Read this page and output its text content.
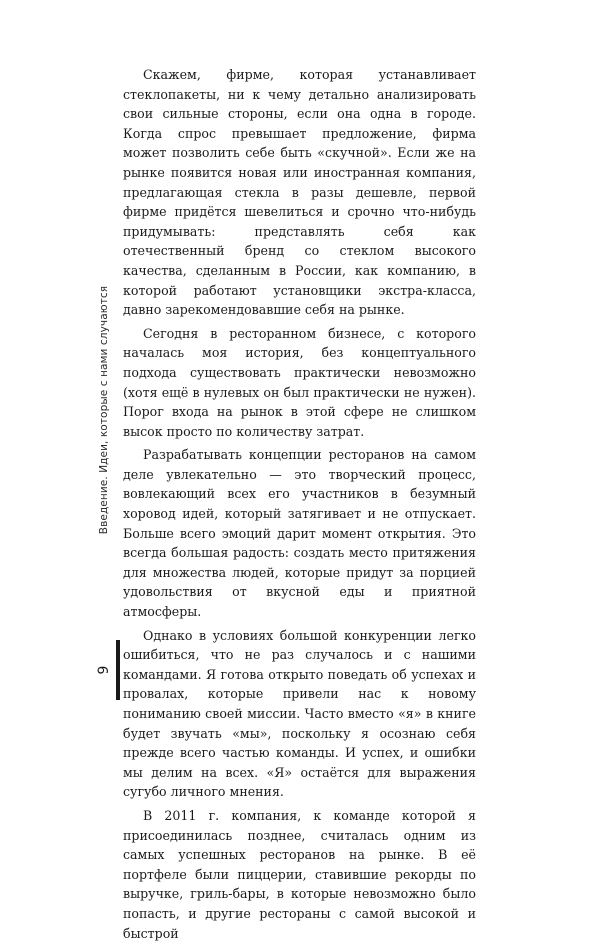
Введение. Идеи, которые с нами случаются
9

Скажем, фирме, которая устанавливает стеклопакеты, ни к чему детально анализировать свои сильные стороны, если она одна в городе. Когда спрос превышает предложение, фирма может позволить себе быть «скучной». Если же на рынке появится новая или иностранная компания, предлагающая стекла в разы дешевле, первой фирме придётся шевелиться и срочно что-нибудь придумывать: представлять себя как отечественный бренд со стеклом высокого качества, сделанным в России, как компанию, в которой работают установщики экстра-класса, давно зарекомендовавшие себя на рынке.

Сегодня в ресторанном бизнесе, с которого началась моя история, без концептуального подхода существовать практически невозможно (хотя ещё в нулевых он был практически не нужен). Порог входа на рынок в этой сфере не слишком высок просто по количеству затрат.

Разрабатывать концепции ресторанов на самом деле увлекательно — это творческий процесс, вовлекающий всех его участников в безумный хоровод идей, который затягивает и не отпускает. Больше всего эмоций дарит момент открытия. Это всегда большая радость: создать место притяжения для множества людей, которые придут за порцией удовольствия от вкусной еды и приятной атмосферы.

Однако в условиях большой конкуренции легко ошибиться, что не раз случалось и с нашими командами. Я готова открыто поведать об успехах и провалах, которые привели нас к новому пониманию своей миссии. Часто вместо «я» в книге будет звучать «мы», поскольку я осознаю себя прежде всего частью команды. И успех, и ошибки мы делим на всех. «Я» остаётся для выражения сугубо личного мнения.

В 2011 г. компания, к команде которой я присоединилась позднее, считалась одним из самых успешных ресторанов на рынке. В её портфеле были пиццерии, ставившие рекорды по выручке, гриль-бары, в которые невозможно было попасть, и другие рестораны с самой высокой и быстрой
